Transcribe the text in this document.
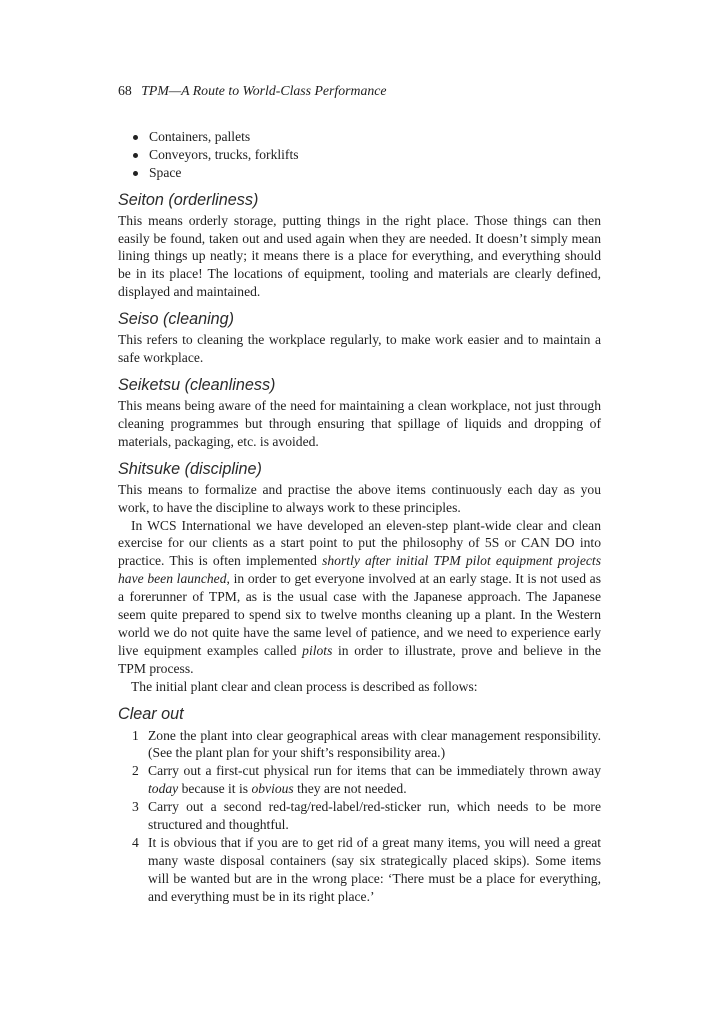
68 TPM—A Route to World-Class Performance
Containers, pallets
Conveyors, trucks, forklifts
Space
Seiton (orderliness)

This means orderly storage, putting things in the right place. Those things can then easily be found, taken out and used again when they are needed. It doesn’t simply mean lining things up neatly; it means there is a place for everything, and everything should be in its place! The locations of equipment, tooling and materials are clearly defined, displayed and maintained.

Seiso (cleaning)

This refers to cleaning the workplace regularly, to make work easier and to maintain a safe workplace.

Seiketsu (cleanliness)

This means being aware of the need for maintaining a clean workplace, not just through cleaning programmes but through ensuring that spillage of liquids and dropping of materials, packaging, etc. is avoided.

Shitsuke (discipline)

This means to formalize and practise the above items continuously each day as you work, to have the discipline to always work to these principles.

In WCS International we have developed an eleven-step plant-wide clear and clean exercise for our clients as a start point to put the philosophy of 5S or CAN DO into practice. This is often implemented shortly after initial TPM pilot equipment projects have been launched, in order to get everyone involved at an early stage. It is not used as a forerunner of TPM, as is the usual case with the Japanese approach. The Japanese seem quite prepared to spend six to twelve months cleaning up a plant. In the Western world we do not quite have the same level of patience, and we need to experience early live equipment examples called pilots in order to illustrate, prove and believe in the TPM process.

The initial plant clear and clean process is described as follows:

Clear out
1 Zone the plant into clear geographical areas with clear management responsibility. (See the plant plan for your shift’s responsibility area.)
2 Carry out a first-cut physical run for items that can be immediately thrown away today because it is obvious they are not needed.
3 Carry out a second red-tag/red-label/red-sticker run, which needs to be more structured and thoughtful.
4 It is obvious that if you are to get rid of a great many items, you will need a great many waste disposal containers (say six strategically placed skips). Some items will be wanted but are in the wrong place: ‘There must be a place for everything, and everything must be in its right place.’
